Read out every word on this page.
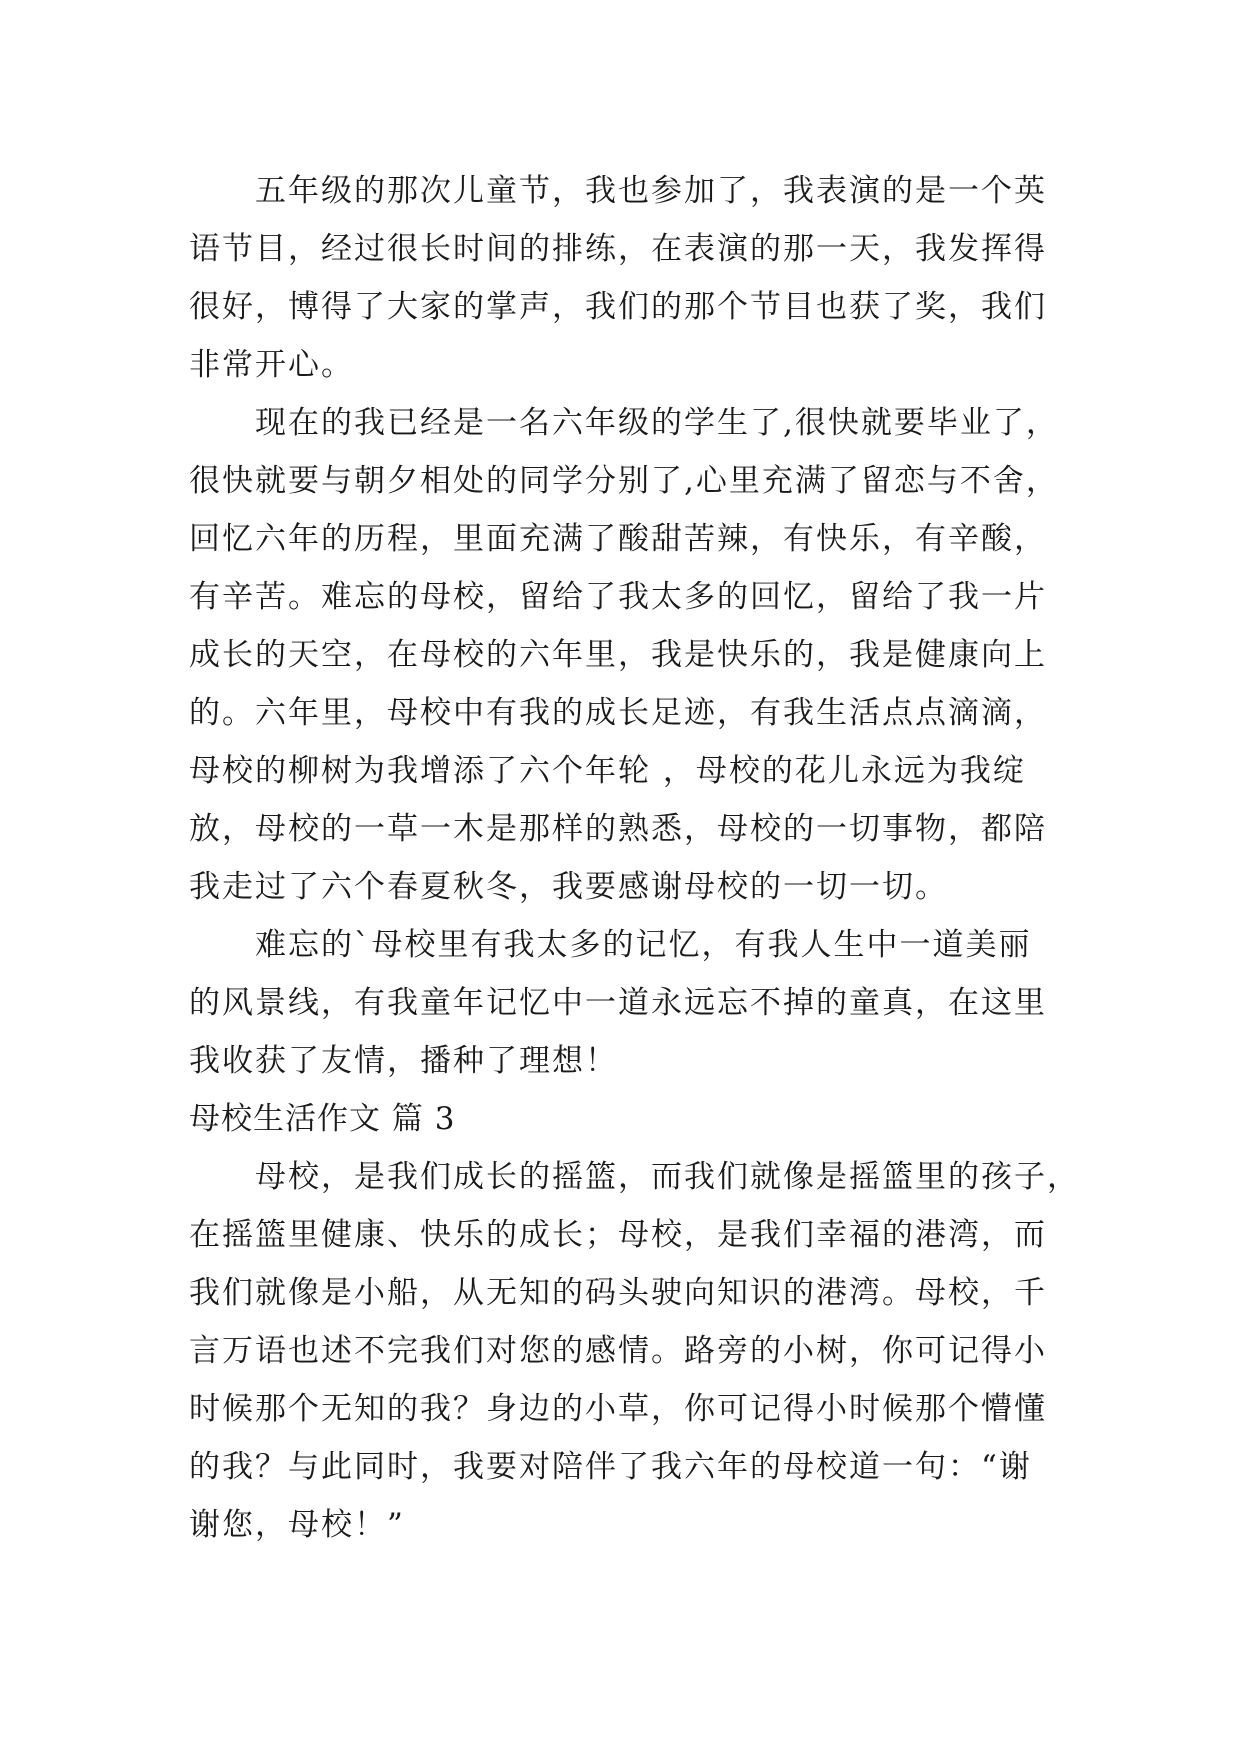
五年级的那次儿童节，我也参加了，我表演的是一个英
语节目，经过很长时间的排练，在表演的那一天，我发挥得
很好，博得了大家的掌声，我们的那个节目也获了奖，我们
非常开心。
现在的我已经是一名六年级的学生了,很快就要毕业了，
很快就要与朝夕相处的同学分别了,心里充满了留恋与不舍，
回忆六年的历程，里面充满了酸甜苦辣，有快乐，有辛酸，
有辛苦。难忘的母校，留给了我太多的回忆，留给了我一片
成长的天空，在母校的六年里，我是快乐的，我是健康向上
的。六年里，母校中有我的成长足迹，有我生活点点滴滴，
母校的柳树为我增添了六个年轮 ，母校的花儿永远为我绽
放，母校的一草一木是那样的熟悉，母校的一切事物，都陪
我走过了六个春夏秋冬，我要感谢母校的一切一切。
难忘的`母校里有我太多的记忆，有我人生中一道美丽
的风景线，有我童年记忆中一道永远忘不掉的童真，在这里
我收获了友情，播种了理想！
母校生活作文 篇 3
母校，是我们成长的摇篮，而我们就像是摇篮里的孩子，
在摇篮里健康、快乐的成长；母校，是我们幸福的港湾，而
我们就像是小船，从无知的码头驶向知识的港湾。母校，千
言万语也述不完我们对您的感情。路旁的小树，你可记得小
时候那个无知的我？身边的小草，你可记得小时候那个懵懂
的我？与此同时，我要对陪伴了我六年的母校道一句：“谢
谢您，母校！”
